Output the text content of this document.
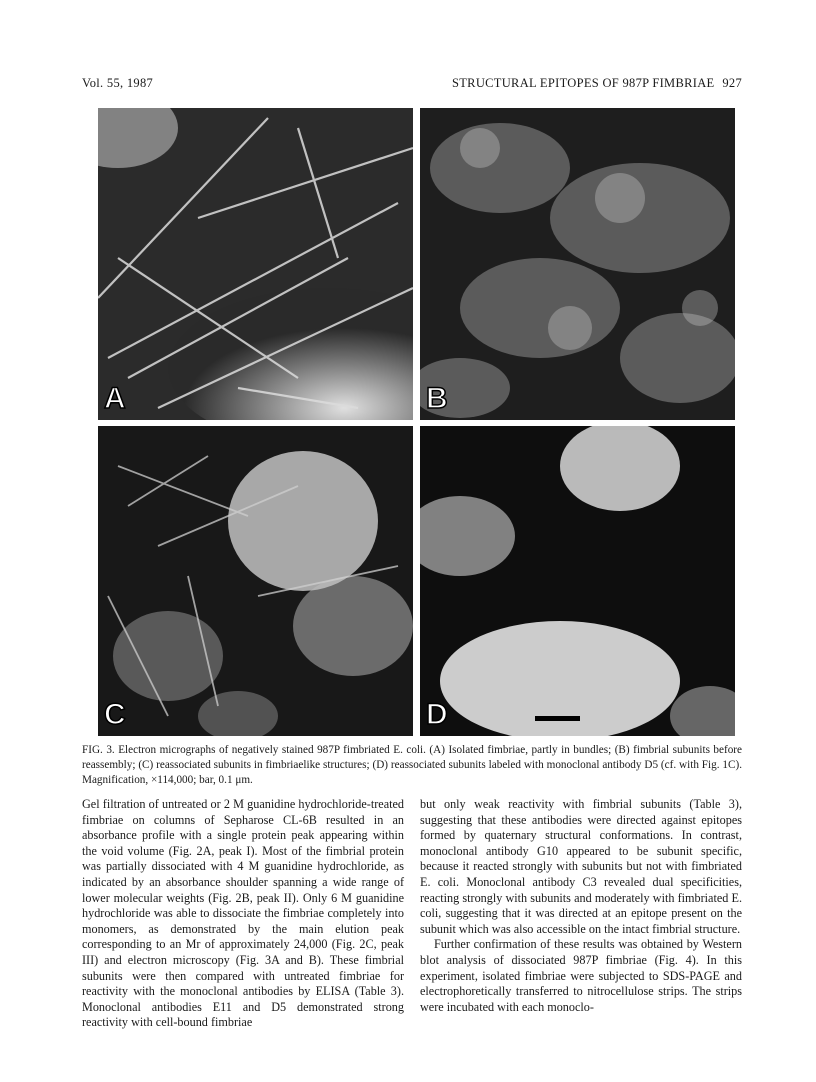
Vol. 55, 1987	STRUCTURAL EPITOPES OF 987P FIMBRIAE 927
A	B
C	D
FIG. 3. Electron micrographs of negatively stained 987P fimbriated E. coli. (A) Isolated fimbriae, partly in bundles; (B) fimbrial subunits before reassembly; (C) reassociated subunits in fimbriaelike structures; (D) reassociated subunits labeled with monoclonal antibody D5 (cf. with Fig. 1C). Magnification, ×114,000; bar, 0.1 μm.

Gel filtration of untreated or 2 M guanidine hydrochloride-treated fimbriae on columns of Sepharose CL-6B resulted in an absorbance profile with a single protein peak appearing within the void volume (Fig. 2A, peak I). Most of the fimbrial protein was partially dissociated with 4 M guanidine hydrochloride, as indicated by an absorbance shoulder spanning a wide range of lower molecular weights (Fig. 2B, peak II). Only 6 M guanidine hydrochloride was able to dissociate the fimbriae completely into monomers, as demonstrated by the main elution peak corresponding to an Mr of approximately 24,000 (Fig. 2C, peak III) and electron microscopy (Fig. 3A and B). These fimbrial subunits were then compared with untreated fimbriae for reactivity with the monoclonal antibodies by ELISA (Table 3). Monoclonal antibodies E11 and D5 demonstrated strong reactivity with cell-bound fimbriae

but only weak reactivity with fimbrial subunits (Table 3), suggesting that these antibodies were directed against epitopes formed by quaternary structural conformations. In contrast, monoclonal antibody G10 appeared to be subunit specific, because it reacted strongly with subunits but not with fimbriated E. coli. Monoclonal antibody C3 revealed dual specificities, reacting strongly with subunits and moderately with fimbriated E. coli, suggesting that it was directed at an epitope present on the subunit which was also accessible on the intact fimbrial structure.

Further confirmation of these results was obtained by Western blot analysis of dissociated 987P fimbriae (Fig. 4). In this experiment, isolated fimbriae were subjected to SDS-PAGE and electrophoretically transferred to nitrocellulose strips. The strips were incubated with each monoclo-
